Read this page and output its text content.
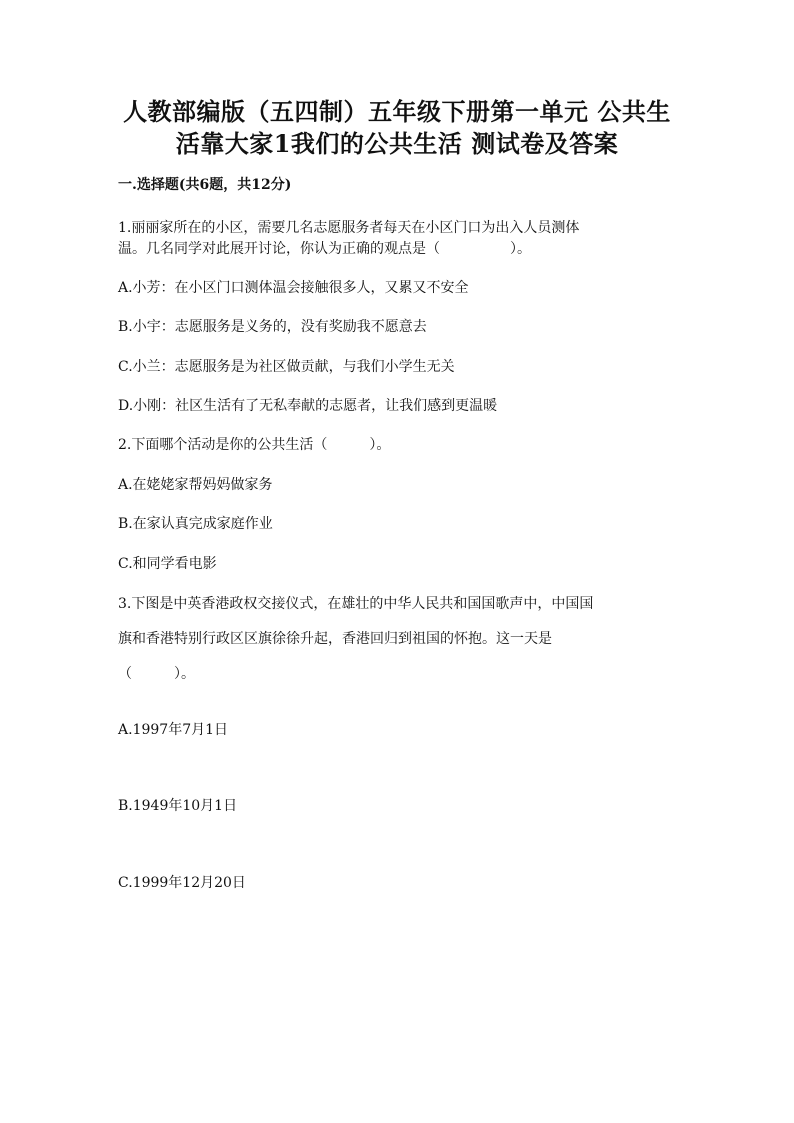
人教部编版（五四制）五年级下册第一单元 公共生
活靠大家1我们的公共生活 测试卷及答案
一.选择题(共6题，共12分)
1.丽丽家所在的小区，需要几名志愿服务者每天在小区门口为出入人员测体
温。几名同学对此展开讨论，你认为正确的观点是（　　　　　）。
A.小芳：在小区门口测体温会接触很多人，又累又不安全
B.小宇：志愿服务是义务的，没有奖励我不愿意去
C.小兰：志愿服务是为社区做贡献，与我们小学生无关
D.小刚：社区生活有了无私奉献的志愿者，让我们感到更温暖
2.下面哪个活动是你的公共生活（　　　）。
A.在姥姥家帮妈妈做家务
B.在家认真完成家庭作业
C.和同学看电影
3.下图是中英香港政权交接仪式，在雄壮的中华人民共和国国歌声中，中国国
旗和香港特别行政区区旗徐徐升起，香港回归到祖国的怀抱。这一天是
（　　　）。
A.1997年7月1日
B.1949年10月1日
C.1999年12月20日
